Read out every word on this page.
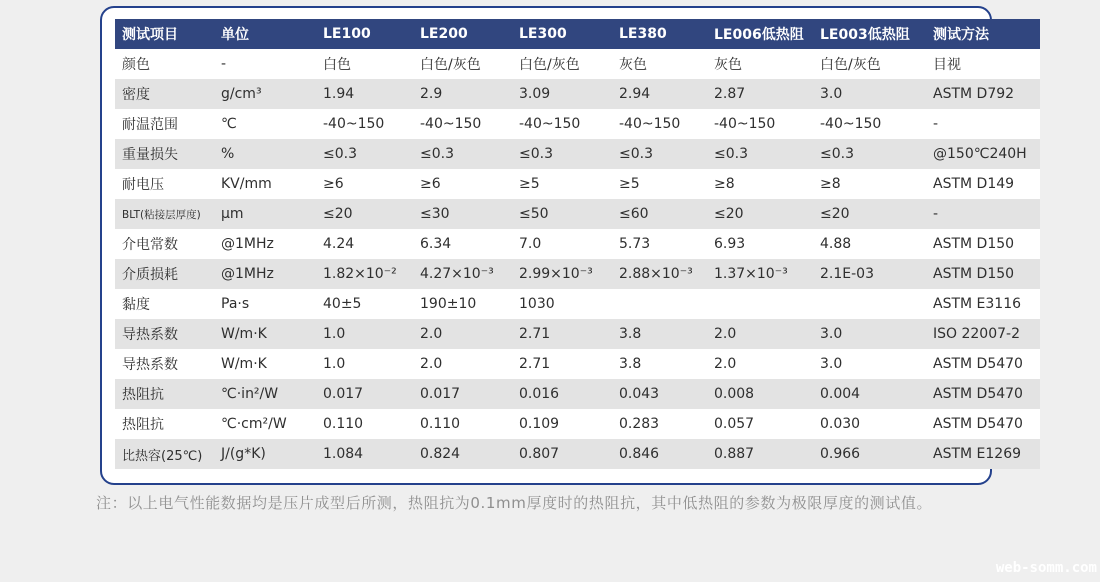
测试项目	单位	LE100	LE200	LE300	LE380	LE006低热阻	LE003低热阻	测试方法
颜色	-	白色	白色/灰色	白色/灰色	灰色	灰色	白色/灰色	目视
密度	g/cm³	1.94	2.9	3.09	2.94	2.87	3.0	ASTM D792
耐温范围	℃	-40~150	-40~150	-40~150	-40~150	-40~150	-40~150	-
重量损失	%	≤0.3	≤0.3	≤0.3	≤0.3	≤0.3	≤0.3	@150℃240H
耐电压	KV/mm	≥6	≥6	≥5	≥5	≥8	≥8	ASTM D149
BLT(粘接层厚度)	μm	≤20	≤30	≤50	≤60	≤20	≤20	-
介电常数	@1MHz	4.24	6.34	7.0	5.73	6.93	4.88	ASTM D150
介质损耗	@1MHz	1.82×10⁻²	4.27×10⁻³	2.99×10⁻³	2.88×10⁻³	1.37×10⁻³	2.1E-03	ASTM D150
黏度	Pa·s	40±5	190±10	1030				ASTM E3116
导热系数	W/m·K	1.0	2.0	2.71	3.8	2.0	3.0	ISO 22007-2
导热系数	W/m·K	1.0	2.0	2.71	3.8	2.0	3.0	ASTM D5470
热阻抗	℃·in²/W	0.017	0.017	0.016	0.043	0.008	0.004	ASTM D5470
热阻抗	℃·cm²/W	0.110	0.110	0.109	0.283	0.057	0.030	ASTM D5470
比热容(25℃)	J/(g*K)	1.084	0.824	0.807	0.846	0.887	0.966	ASTM E1269
注：以上电气性能数据均是压片成型后所测，热阻抗为0.1mm厚度时的热阻抗，其中低热阻的参数为极限厚度的测试值。
web-somm.com
